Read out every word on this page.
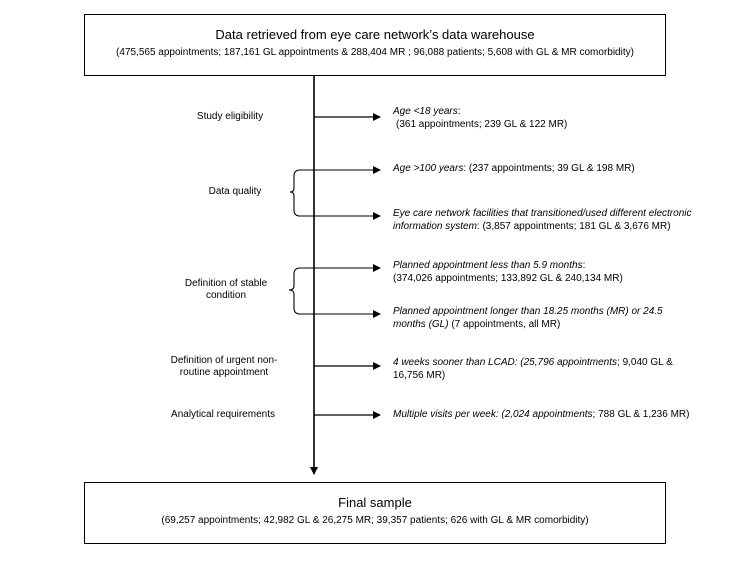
Data retrieved from eye care network’s data warehouse
(475,565 appointments; 187,161 GL appointments & 288,404 MR ; 96,088 patients; 5,608 with GL & MR comorbidity)
Study eligibility
Data quality
Definition of stable
condition
Definition of urgent non-
routine appointment
Analytical requirements
Age <18 years:
(361 appointments; 239 GL & 122 MR)
Age >100 years: (237 appointments; 39 GL & 198 MR)
Eye care network facilities that transitioned/used different electronic
information system: (3,857 appointments; 181 GL & 3,676 MR)
Planned appointment less than 5.9 months:
(374,026 appointments; 133,892 GL & 240,134 MR)
Planned appointment longer than 18.25 months (MR) or 24.5
months (GL) (7 appointments, all MR)
4 weeks sooner than LCAD: (25,796 appointments; 9,040 GL &
16,756 MR)
Multiple visits per week: (2,024 appointments; 788 GL & 1,236 MR)
Final sample
(69,257 appointments; 42,982 GL & 26,275 MR; 39,357 patients; 626 with GL & MR comorbidity)
